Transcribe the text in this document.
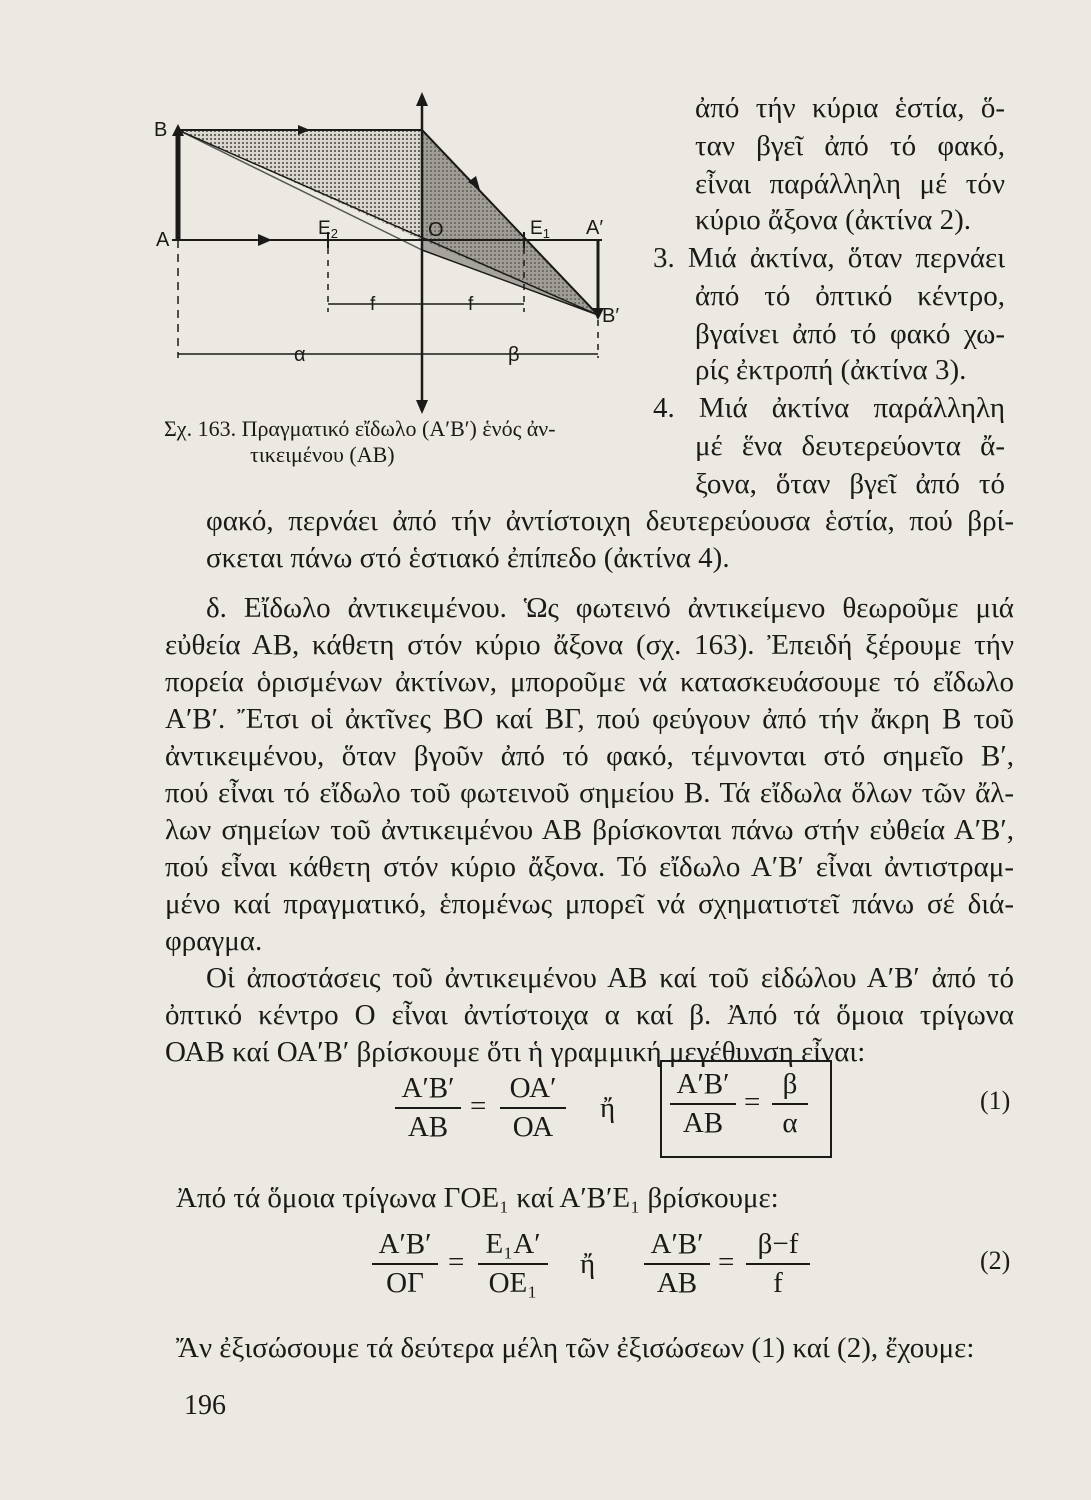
B
A
$E_2$	O	$E_1$ A′
B′
f	f
α	β
Σχ. 163. Πραγματικό εἴδωλο (Α′Β′) ἑνός ἀν-
τικειμένου (ΑΒ)
ἀπό τήν κύρια ἑστία, ὅ-
ταν βγεῖ ἀπό τό φακό,
εἶναι παράλληλη μέ τόν
κύριο ἄξονα (ἀκτίνα 2).
3. Μιά ἀκτίνα, ὅταν περνάει
ἀπό τό ὀπτικό κέντρο,
βγαίνει ἀπό τό φακό χω-
ρίς ἐκτροπή (ἀκτίνα 3).
4. Μιά ἀκτίνα παράλληλη
μέ ἕνα δευτερεύοντα ἄ-
ξονα, ὅταν βγεῖ ἀπό τό
φακό, περνάει ἀπό τήν ἀντίστοιχη δευτερεύουσα ἑστία, πού βρί-
σκεται πάνω στό ἑστιακό ἐπίπεδο (ἀκτίνα 4).
δ. Εἴδωλο ἀντικειμένου. Ὡς φωτεινό ἀντικείμενο θεωροῦμε μιά
εὐθεία ΑΒ, κάθετη στόν κύριο ἄξονα (σχ. 163). Ἐπειδή ξέρουμε τήν
πορεία ὁρισμένων ἀκτίνων, μποροῦμε νά κατασκευάσουμε τό εἴδωλο
Α′Β′. Ἔτσι οἱ ἀκτῖνες ΒΟ καί ΒΓ, πού φεύγουν ἀπό τήν ἄκρη Β τοῦ
ἀντικειμένου, ὅταν βγοῦν ἀπό τό φακό, τέμνονται στό σημεῖο Β′,
πού εἶναι τό εἴδωλο τοῦ φωτεινοῦ σημείου Β. Τά εἴδωλα ὅλων τῶν ἄλ-
λων σημείων τοῦ ἀντικειμένου ΑΒ βρίσκονται πάνω στήν εὐθεία Α′Β′,
πού εἶναι κάθετη στόν κύριο ἄξονα. Τό εἴδωλο Α′Β′ εἶναι ἀντιστραμ-
μένο καί πραγματικό, ἑπομένως μπορεῖ νά σχηματιστεῖ πάνω σέ διά-
φραγμα.
Οἱ ἀποστάσεις τοῦ ἀντικειμένου ΑΒ καί τοῦ εἰδώλου Α′Β′ ἀπό τό
ὀπτικό κέντρο Ο εἶναι ἀντίστοιχα α καί β. Ἀπό τά ὅμοια τρίγωνα
ΟΑΒ καί ΟΑ′Β′ βρίσκουμε ὅτι ἡ γραμμική μεγέθυνση εἶναι:
$\frac{A'B'}{AB} = \frac{OA'}{OA}$ ἤ $\frac{A'B'}{AB} = \frac{\beta}{\alpha}$	(1)
Ἀπό τά ὅμοια τρίγωνα ΓΟΕ₁ καί Α′Β′Ε₁ βρίσκουμε:
$\frac{A'B'}{O\Gamma} = \frac{\text{Ε₁Α′}}{\text{ΟΕ₁}}$ ἤ $\frac{A'B'}{AB} = \frac{\beta-f}{f}$	(2)
Ἄν ἐξισώσουμε τά δεύτερα μέλη τῶν ἐξισώσεων (1) καί (2), ἔχουμε:
196
